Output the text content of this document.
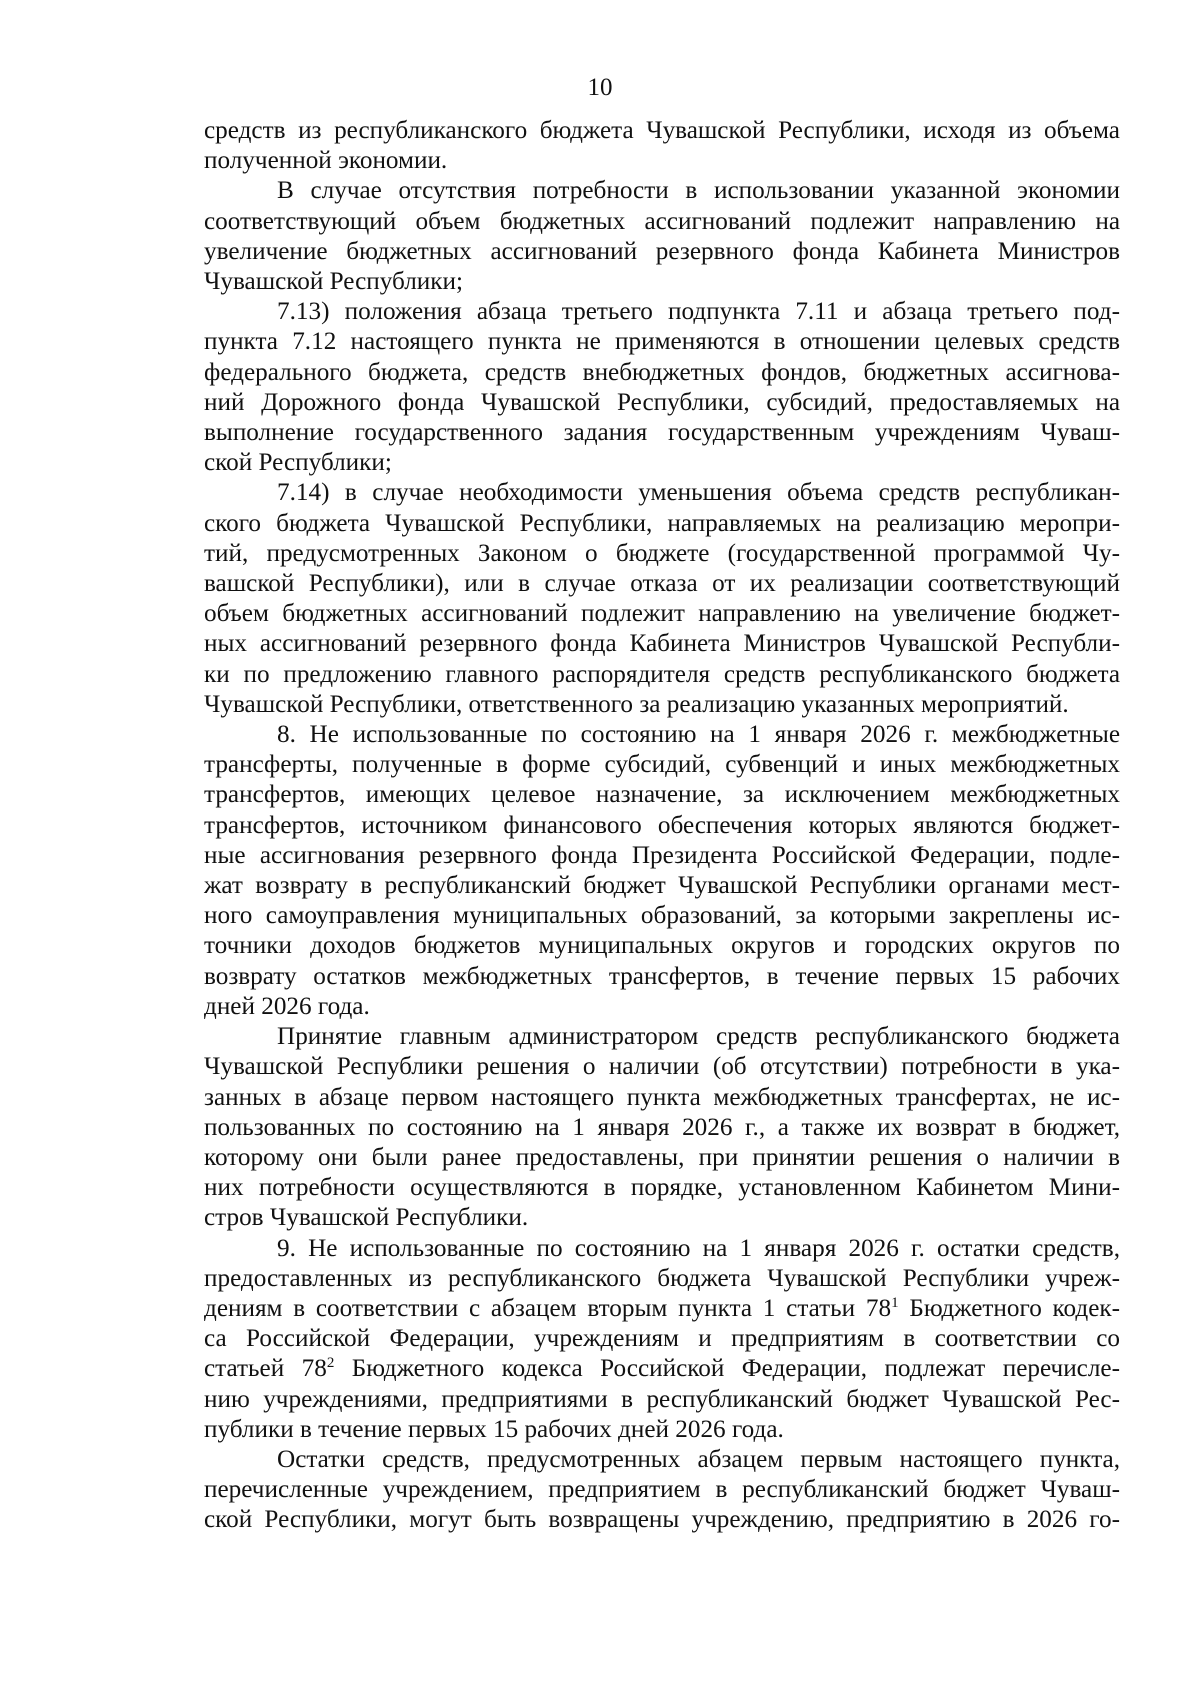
10

средств из республиканского бюджета Чувашской Республики, исходя из объема
полученной экономии.

В случае отсутствия потребности в использовании указанной экономии
соответствующий объем бюджетных ассигнований подлежит направлению на
увеличение бюджетных ассигнований резервного фонда Кабинета Министров
Чувашской Республики;

7.13) положения абзаца третьего подпункта 7.11 и абзаца третьего под-
пункта 7.12 настоящего пункта не применяются в отношении целевых средств
федерального бюджета, средств внебюджетных фондов, бюджетных ассигнова-
ний Дорожного фонда Чувашской Республики, субсидий, предоставляемых на
выполнение государственного задания государственным учреждениям Чуваш-
ской Республики;

7.14) в случае необходимости уменьшения объема средств республикан-
ского бюджета Чувашской Республики, направляемых на реализацию меропри-
тий, предусмотренных Законом о бюджете (государственной программой Чу-
вашской Республики), или в случае отказа от их реализации соответствующий
объем бюджетных ассигнований подлежит направлению на увеличение бюджет-
ных ассигнований резервного фонда Кабинета Министров Чувашской Республи-
ки по предложению главного распорядителя средств республиканского бюджета
Чувашской Республики, ответственного за реализацию указанных мероприятий.

8. Не использованные по состоянию на 1 января 2026 г. межбюджетные
трансферты, полученные в форме субсидий, субвенций и иных межбюджетных
трансфертов, имеющих целевое назначение, за исключением межбюджетных
трансфертов, источником финансового обеспечения которых являются бюджет-
ные ассигнования резервного фонда Президента Российской Федерации, подле-
жат возврату в республиканский бюджет Чувашской Республики органами мест-
ного самоуправления муниципальных образований, за которыми закреплены ис-
точники доходов бюджетов муниципальных округов и городских округов по
возврату остатков межбюджетных трансфертов, в течение первых 15 рабочих
дней 2026 года.

Принятие главным администратором средств республиканского бюджета
Чувашской Республики решения о наличии (об отсутствии) потребности в ука-
занных в абзаце первом настоящего пункта межбюджетных трансфертах, не ис-
пользованных по состоянию на 1 января 2026 г., а также их возврат в бюджет,
которому они были ранее предоставлены, при принятии решения о наличии в
них потребности осуществляются в порядке, установленном Кабинетом Мини-
стров Чувашской Республики.

9. Не использованные по состоянию на 1 января 2026 г. остатки средств,
предоставленных из республиканского бюджета Чувашской Республики учреж-
дениям в соответствии с абзацем вторым пункта 1 статьи $78^1$ Бюджетного кодек-
са Российской Федерации, учреждениям и предприятиям в соответствии со
статьей $78^2$ Бюджетного кодекса Российской Федерации, подлежат перечисле-
нию учреждениями, предприятиями в республиканский бюджет Чувашской Рес-
публики в течение первых 15 рабочих дней 2026 года.

Остатки средств, предусмотренных абзацем первым настоящего пункта,
перечисленные учреждением, предприятием в республиканский бюджет Чуваш-
ской Республики, могут быть возвращены учреждению, предприятию в 2026 го-
